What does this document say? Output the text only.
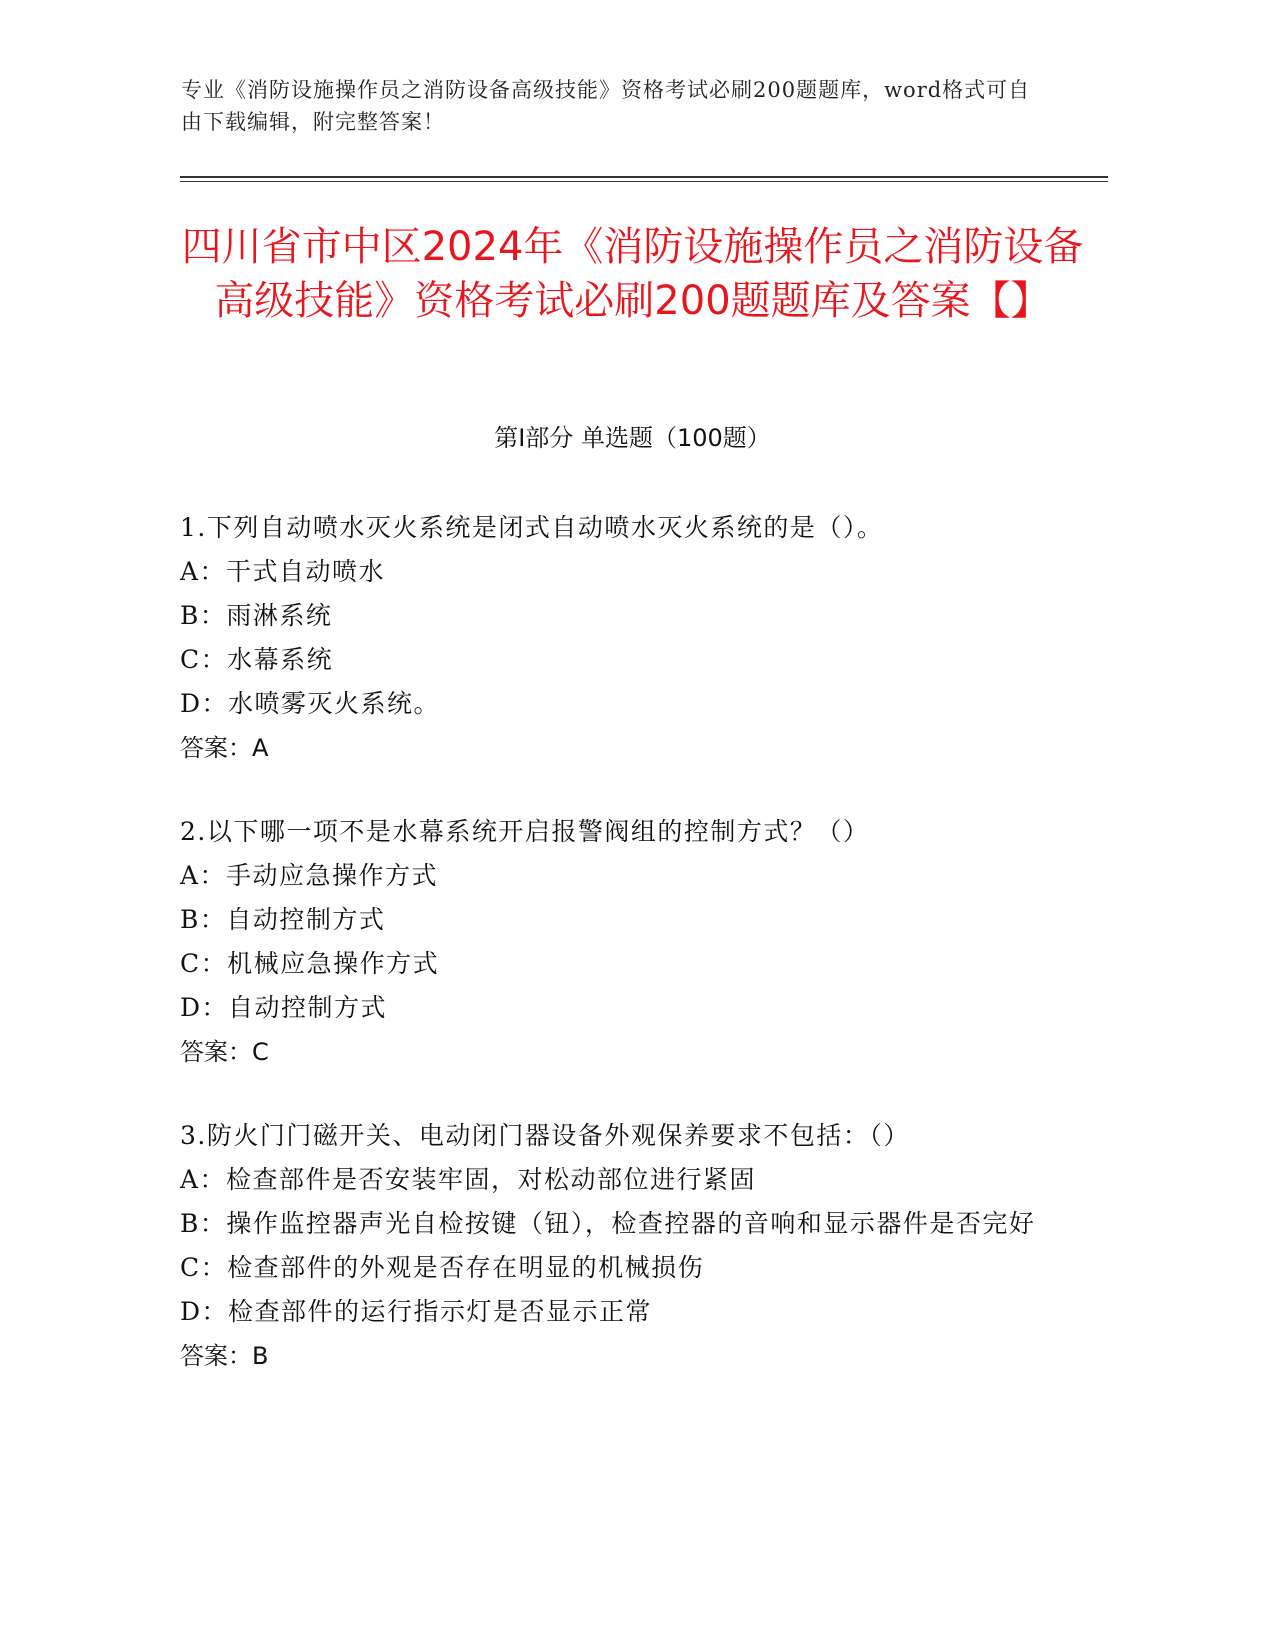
专业《消防设施操作员之消防设备高级技能》资格考试必刷200题题库，word格式可自由下载编辑，附完整答案！
四川省市中区2024年《消防设施操作员之消防设备高级技能》资格考试必刷200题题库及答案【】
第I部分 单选题（100题）
1.下列自动喷水灭火系统是闭式自动喷水灭火系统的是（）。
A：干式自动喷水
B：雨淋系统
C：水幕系统
D：水喷雾灭火系统。
答案：A
2.以下哪一项不是水幕系统开启报警阀组的控制方式？（）
A：手动应急操作方式
B：自动控制方式
C：机械应急操作方式
D：自动控制方式
答案：C
3.防火门门磁开关、电动闭门器设备外观保养要求不包括：（）
A：检查部件是否安装牢固，对松动部位进行紧固
B：操作监控器声光自检按键（钮），检查控器的音响和显示器件是否完好
C：检查部件的外观是否存在明显的机械损伤
D：检查部件的运行指示灯是否显示正常
答案：B
